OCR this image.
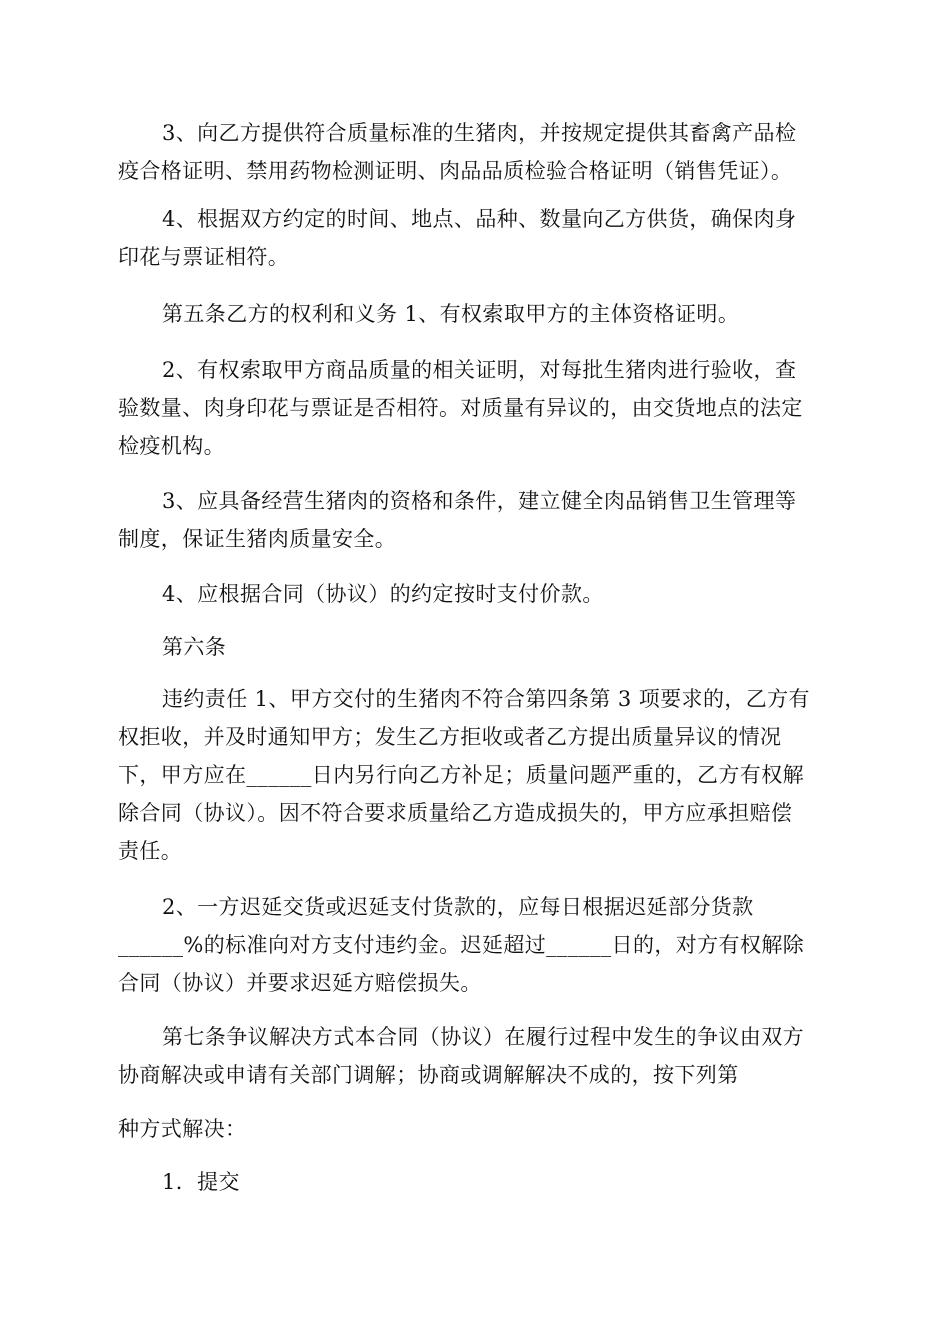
3、向乙方提供符合质量标准的生猪肉，并按规定提供其畜禽产品检
疫合格证明、禁用药物检测证明、肉品品质检验合格证明（销售凭证）。

4、根据双方约定的时间、地点、品种、数量向乙方供货，确保肉身
印花与票证相符。

第五条乙方的权利和义务 1、有权索取甲方的主体资格证明。

2、有权索取甲方商品质量的相关证明，对每批生猪肉进行验收，查
验数量、肉身印花与票证是否相符。对质量有异议的，由交货地点的法定
检疫机构。

3、应具备经营生猪肉的资格和条件，建立健全肉品销售卫生管理等
制度，保证生猪肉质量安全。

4、应根据合同（协议）的约定按时支付价款。

第六条

违约责任 1、甲方交付的生猪肉不符合第四条第 3 项要求的，乙方有
权拒收，并及时通知甲方；发生乙方拒收或者乙方提出质量异议的情况
下，甲方应在______日内另行向乙方补足；质量问题严重的，乙方有权解
除合同（协议）。因不符合要求质量给乙方造成损失的，甲方应承担赔偿
责任。

2、一方迟延交货或迟延支付货款的，应每日根据迟延部分货款
______%的标准向对方支付违约金。迟延超过______日的，对方有权解除
合同（协议）并要求迟延方赔偿损失。

第七条争议解决方式本合同（协议）在履行过程中发生的争议由双方
协商解决或申请有关部门调解；协商或调解解决不成的，按下列第

种方式解决：

1．提交
